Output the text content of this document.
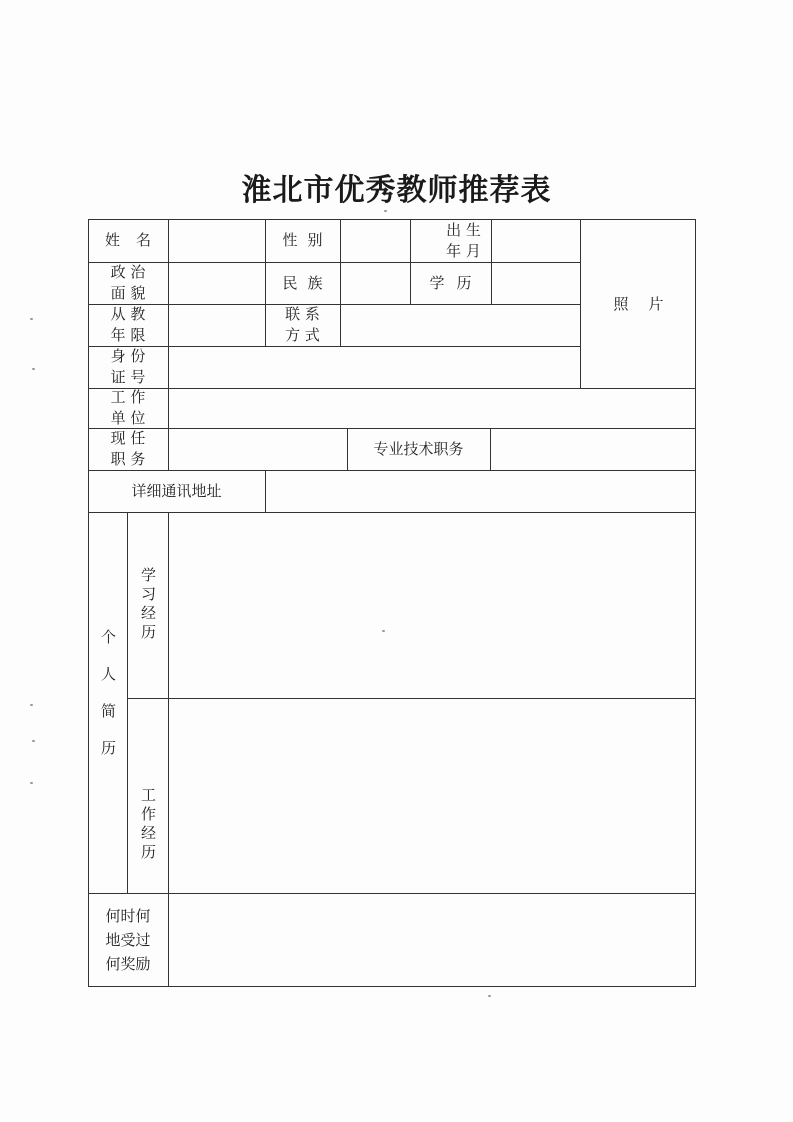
淮北市优秀教师推荐表
姓 名	性 别
出 生
年 月
照 片
政 治
面 貌
民 族	学 历
从 教
年 限
联 系
方 式
身 份
证 号
工 作
单 位
现 任
职 务
专业技术职务
详细通讯地址
个人简历
学习经历
工作经历
何时何
地受过
何奖励
